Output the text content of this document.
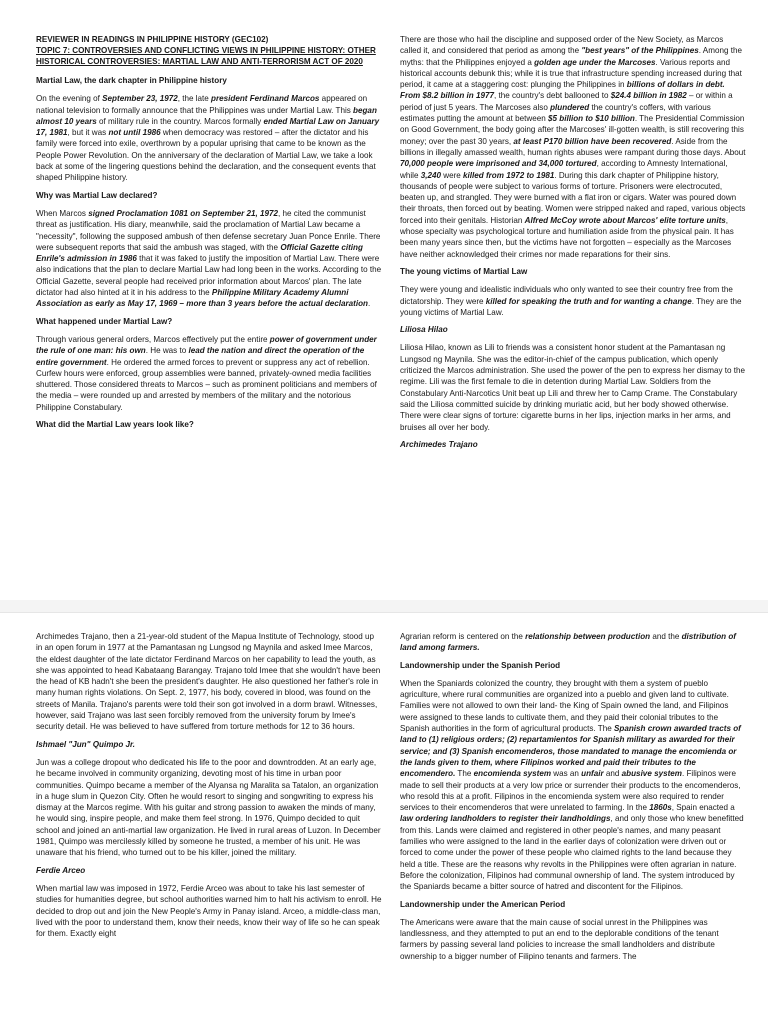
REVIEWER IN READINGS IN PHILIPPINE HISTORY (GEC102)

TOPIC 7: CONTROVERSIES AND CONFLICTING VIEWS IN PHILIPPINE HISTORY: OTHER HISTORICAL CONTROVERSIES: MARTIAL LAW AND ANTI-TERRORISM ACT OF 2020

Martial Law, the dark chapter in Philippine history

On the evening of September 23, 1972, the late president Ferdinand Marcos appeared on national television to formally announce that the Philippines was under Martial Law. This began almost 10 years of military rule in the country. Marcos formally ended Martial Law on January 17, 1981, but it was not until 1986 when democracy was restored – after the dictator and his family were forced into exile, overthrown by a popular uprising that came to be known as the People Power Revolution. On the anniversary of the declaration of Martial Law, we take a look back at some of the lingering questions behind the declaration, and the consequent events that shaped Philippine history.

Why was Martial Law declared?

When Marcos signed Proclamation 1081 on September 21, 1972, he cited the communist threat as justification. His diary, meanwhile, said the proclamation of Martial Law became a "necessity", following the supposed ambush of then defense secretary Juan Ponce Enrile. There were subsequent reports that said the ambush was staged, with the Official Gazette citing Enrile's admission in 1986 that it was faked to justify the imposition of Martial Law. There were also indications that the plan to declare Martial Law had long been in the works. According to the Official Gazette, several people had received prior information about Marcos' plan. The late dictator had also hinted at it in his address to the Philippine Military Academy Alumni Association as early as May 17, 1969 – more than 3 years before the actual declaration.

What happened under Martial Law?

Through various general orders, Marcos effectively put the entire power of government under the rule of one man: his own. He was to lead the nation and direct the operation of the entire government. He ordered the armed forces to prevent or suppress any act of rebellion. Curfew hours were enforced, group assemblies were banned, privately-owned media facilities shuttered. Those considered threats to Marcos – such as prominent politicians and members of the media – were rounded up and arrested by members of the military and the notorious Philippine Constabulary.

What did the Martial Law years look like?

There are those who hail the discipline and supposed order of the New Society, as Marcos called it, and considered that period as among the "best years" of the Philippines. Among the myths: that the Philippines enjoyed a golden age under the Marcoses. Various reports and historical accounts debunk this; while it is true that infrastructure spending increased during that period, it came at a staggering cost: plunging the Philippines in billions of dollars in debt. From $8.2 billion in 1977, the country's debt ballooned to $24.4 billion in 1982 – or within a period of just 5 years. The Marcoses also plundered the country's coffers, with various estimates putting the amount at between $5 billion to $10 billion. The Presidential Commission on Good Government, the body going after the Marcoses' ill-gotten wealth, is still recovering this money; over the past 30 years, at least P170 billion have been recovered. Aside from the billions in illegally amassed wealth, human rights abuses were rampant during those days. About 70,000 people were imprisoned and 34,000 tortured, according to Amnesty International, while 3,240 were killed from 1972 to 1981. During this dark chapter of Philippine history, thousands of people were subject to various forms of torture. Prisoners were electrocuted, beaten up, and strangled. They were burned with a flat iron or cigars. Water was poured down their throats, then forced out by beating. Women were stripped naked and raped, various objects forced into their genitals. Historian Alfred McCoy wrote about Marcos' elite torture units, whose specialty was psychological torture and humiliation aside from the physical pain. It has been many years since then, but the victims have not forgotten – especially as the Marcoses have neither acknowledged their crimes nor made reparations for their sins.

The young victims of Martial Law

They were young and idealistic individuals who only wanted to see their country free from the dictatorship. They were killed for speaking the truth and for wanting a change. They are the young victims of Martial Law.

Liliosa Hilao

Liliosa Hilao, known as Lili to friends was a consistent honor student at the Pamantasan ng Lungsod ng Maynila. She was the editor-in-chief of the campus publication, which openly criticized the Marcos administration. She used the power of the pen to express her dismay to the regime. Lili was the first female to die in detention during Martial Law. Soldiers from the Constabulary Anti-Narcotics Unit beat up Lili and threw her to Camp Crame. The Constabulary said the Liliosa committed suicide by drinking muriatic acid, but her body showed otherwise. There were clear signs of torture: cigarette burns in her lips, injection marks in her arms, and bruises all over her body.

Archimedes Trajano

Archimedes Trajano, then a 21-year-old student of the Mapua Institute of Technology, stood up in an open forum in 1977 at the Pamantasan ng Lungsod ng Maynila and asked Imee Marcos, the eldest daughter of the late dictator Ferdinand Marcos on her capability to lead the youth, as she was appointed to head Kabataang Barangay. Trajano told Imee that she wouldn't have been the head of KB hadn't she been the president's daughter. He also questioned her father's role in many human rights violations. On Sept. 2, 1977, his body, covered in blood, was found on the streets of Manila. Trajano's parents were told their son got involved in a dorm brawl. Witnesses, however, said Trajano was last seen forcibly removed from the university forum by Imee's security detail. He was believed to have suffered from torture methods for 12 to 36 hours.

Ishmael "Jun" Quimpo Jr.

Jun was a college dropout who dedicated his life to the poor and downtrodden. At an early age, he became involved in community organizing, devoting most of his time in urban poor communities. Quimpo became a member of the Alyansa ng Maralita sa Tatalon, an organization in a huge slum in Quezon City. Often he would resort to singing and songwriting to express his dismay at the Marcos regime. With his guitar and strong passion to awaken the minds of many, he would sing, inspire people, and make them feel strong. In 1976, Quimpo decided to quit school and joined an anti-martial law organization. He lived in rural areas of Luzon. In December 1981, Quimpo was mercilessly killed by someone he trusted, a member of his unit. He was unaware that his friend, who turned out to be his killer, joined the military.

Ferdie Arceo

When martial law was imposed in 1972, Ferdie Arceo was about to take his last semester of studies for humanities degree, but school authorities warned him to halt his activism to enroll. He decided to drop out and join the New People's Army in Panay island. Arceo, a middle-class man, lived with the poor to understand them, know their needs, know their way of life so he can speak for them. Exactly eight

Agrarian reform is centered on the relationship between production and the distribution of land among farmers.

Landownership under the Spanish Period

When the Spaniards colonized the country, they brought with them a system of pueblo agriculture, where rural communities are organized into a pueblo and given land to cultivate. Families were not allowed to own their land- the King of Spain owned the land, and Filipinos were assigned to these lands to cultivate them, and they paid their colonial tributes to the Spanish authorities in the form of agricultural products. The Spanish crown awarded tracts of land to (1) religious orders; (2) repartamientos for Spanish military as awarded for their service; and (3) Spanish encomenderos, those mandated to manage the encomienda or the lands given to them, where Filipinos worked and paid their tributes to the encomendero. The encomienda system was an unfair and abusive system. Filipinos were made to sell their products at a very low price or surrender their products to the encomenderos, who resold this at a profit. Filipinos in the encomienda system were also required to render services to their encomenderos that were unrelated to farming. In the 1860s, Spain enacted a law ordering landholders to register their landholdings, and only those who knew benefitted from this. Lands were claimed and registered in other people's names, and many peasant families who were assigned to the land in the earlier days of colonization were driven out or forced to come under the power of these people who claimed rights to the land because they held a title. These are the reasons why revolts in the Philippines were often agrarian in nature. Before the colonization, Filipinos had communal ownership of land. The system introduced by the Spaniards became a bitter source of hatred and discontent for the Filipinos.

Landownership under the American Period

The Americans were aware that the main cause of social unrest in the Philippines was landlessness, and they attempted to put an end to the deplorable conditions of the tenant farmers by passing several land policies to increase the small landholders and distribute ownership to a bigger number of Filipino tenants and farmers. The
